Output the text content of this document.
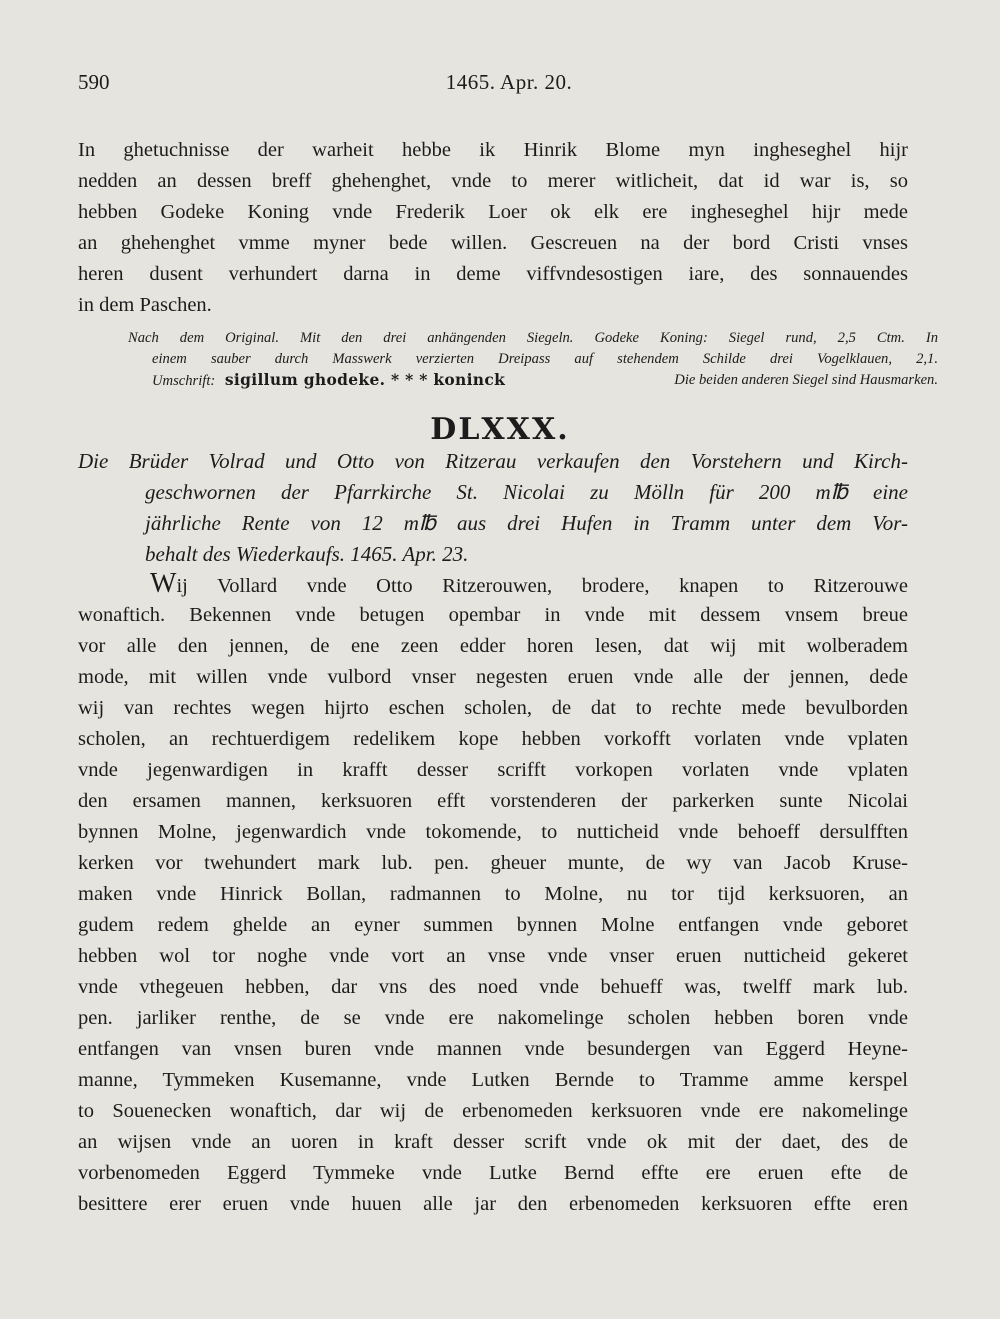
590	1465. Apr. 20.
In ghetuchnisse der warheit hebbe ik Hinrik Blome myn ingheseghel hijr
nedden an dessen breff ghehenghet, vnde to merer witlicheit, dat id war is, so
hebben Godeke Koning vnde Frederik Loer ok elk ere ingheseghel hijr mede
an ghehenghet vmme myner bede willen. Gescreuen na der bord Cristi vnses
heren dusent verhundert darna in deme viffvndesostigen iare, des sonnauendes
in dem Paschen.
Nach dem Original. Mit den drei anhängenden Siegeln. Godeke Koning: Siegel rund, 2,5 Ctm. In
einem sauber durch Masswerk verzierten Dreipass auf stehendem Schilde drei Vogelklauen, 2,1.
Umschrift: sigillum ghodeke. * * * koninck	Die beiden anderen Siegel sind Hausmarken.
DLXXX.
Die Brüder Volrad und Otto von Ritzerau verkaufen den Vorstehern und Kirch-
geschwornen der Pfarrkirche St. Nicolai zu Mölln für 200 m℔ eine
jährliche Rente von 12 m℔ aus drei Hufen in Tramm unter dem Vor-
behalt des Wiederkaufs. 1465. Apr. 23.
W ij Vollard vnde Otto Ritzerouwen, brodere, knapen to Ritzerouwe
wonaftich. Bekennen vnde betugen opembar in vnde mit dessem vnsem breue
vor alle den jennen, de ene zeen edder horen lesen, dat wij mit wolberadem
mode, mit willen vnde vulbord vnser negesten eruen vnde alle der jennen, dede
wij van rechtes wegen hijrto eschen scholen, de dat to rechte mede bevulborden
scholen, an rechtuerdigem redelikem kope hebben vorkofft vorlaten vnde vplaten
vnde jegenwardigen in krafft desser scrifft vorkopen vorlaten vnde vplaten
den ersamen mannen, kerksuoren efft vorstenderen der parkerken sunte Nicolai
bynnen Molne, jegenwardich vnde tokomende, to nutticheid vnde behoeff dersulfften
kerken vor twehundert mark lub. pen. gheuer munte, de wy van Jacob Kruse-
maken vnde Hinrick Bollan, radmannen to Molne, nu tor tijd kerksuoren, an
gudem redem ghelde an eyner summen bynnen Molne entfangen vnde geboret
hebben wol tor noghe vnde vort an vnse vnde vnser eruen nutticheid gekeret
vnde vthegeuen hebben, dar vns des noed vnde behueff was, twelff mark lub.
pen. jarliker renthe, de se vnde ere nakomelinge scholen hebben boren vnde
entfangen van vnsen buren vnde mannen vnde besundergen van Eggerd Heyne-
manne, Tymmeken Kusemanne, vnde Lutken Bernde to Tramme amme kerspel
to Souenecken wonaftich, dar wij de erbenomeden kerksuoren vnde ere nakomelinge
an wijsen vnde an uoren in kraft desser scrift vnde ok mit der daet, des de
vorbenomeden Eggerd Tymmeke vnde Lutke Bernd effte ere eruen efte de
besittere erer eruen vnde huuen alle jar den erbenomeden kerksuoren effte eren
